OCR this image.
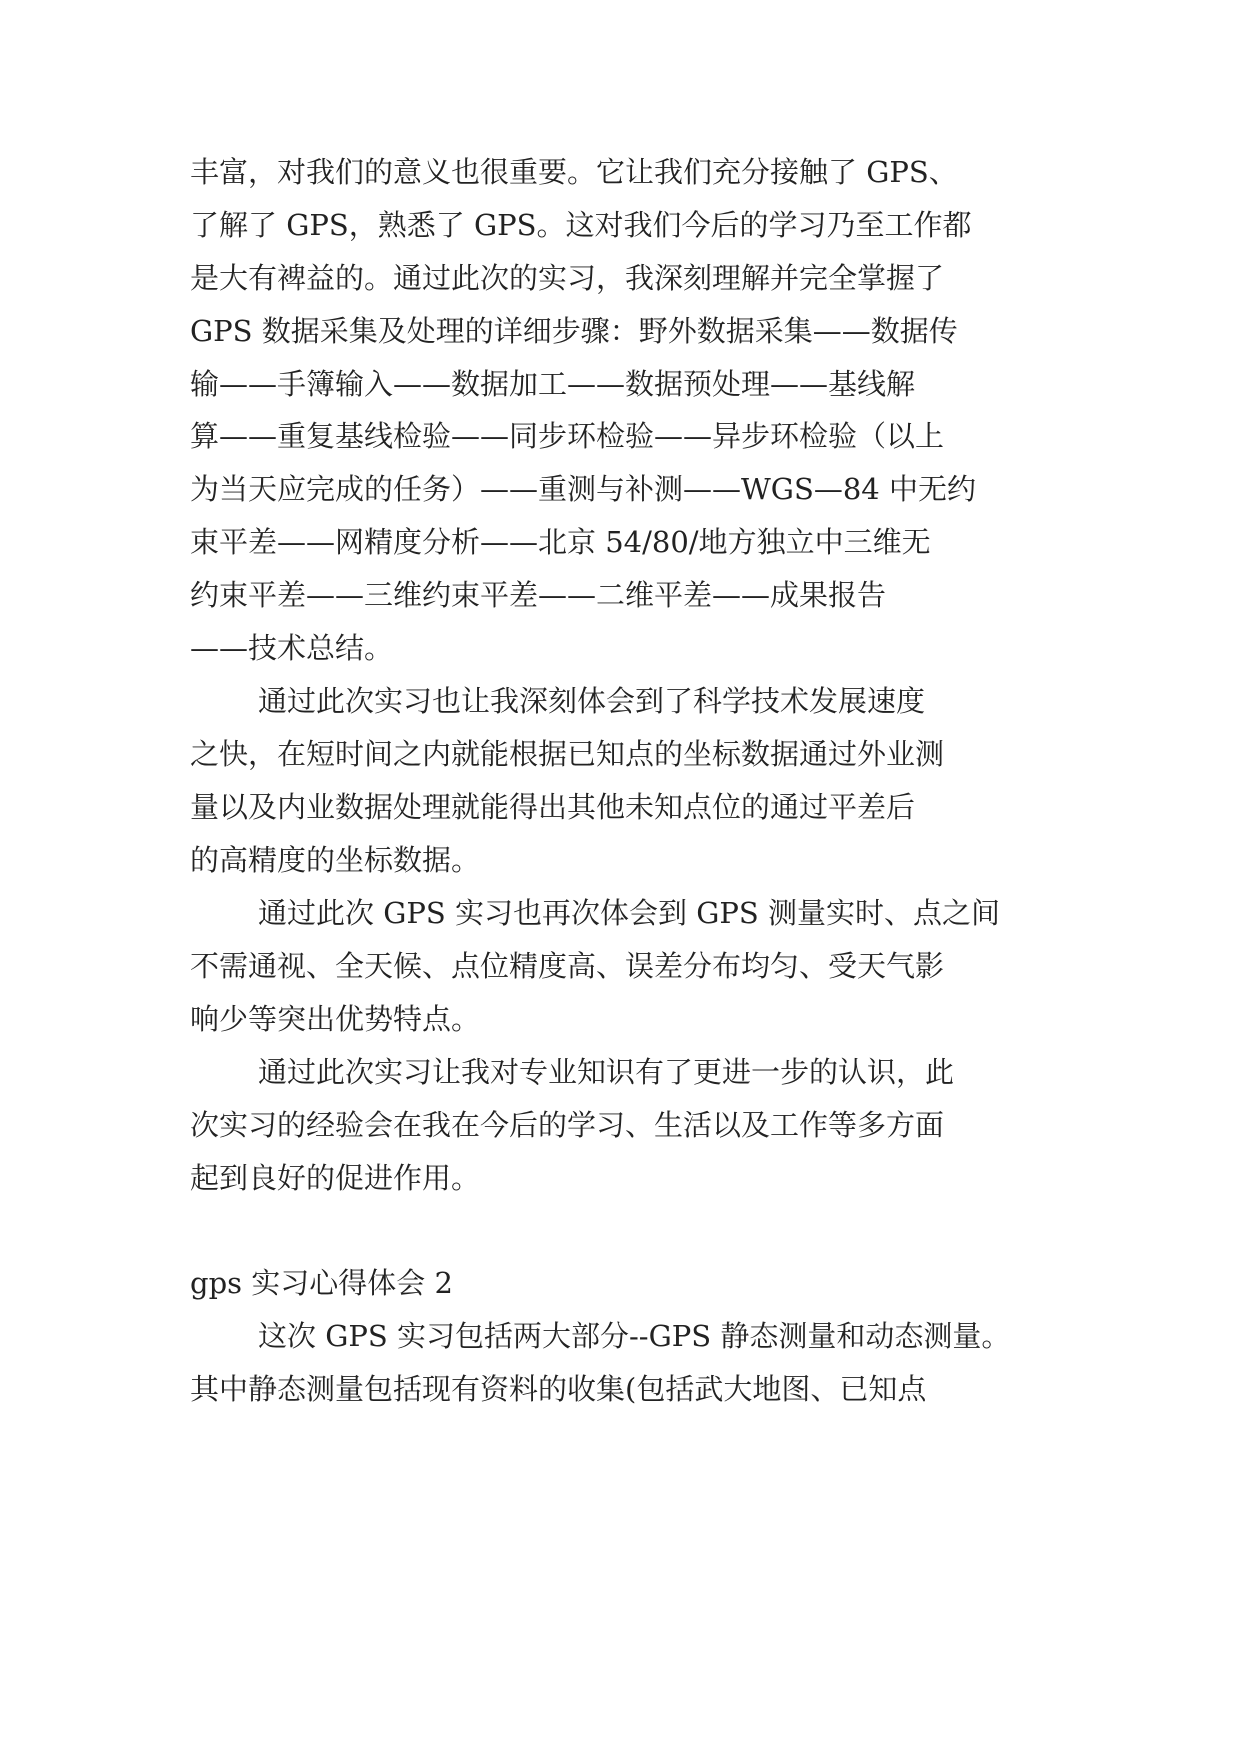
丰富，对我们的意义也很重要。它让我们充分接触了 GPS、
了解了 GPS，熟悉了 GPS。这对我们今后的学习乃至工作都
是大有裨益的。通过此次的实习，我深刻理解并完全掌握了
GPS 数据采集及处理的详细步骤：野外数据采集——数据传
输——手簿输入——数据加工——数据预处理——基线解
算——重复基线检验——同步环检验——异步环检验（以上
为当天应完成的任务）——重测与补测——WGS—84 中无约
束平差——网精度分析——北京 54/80/地方独立中三维无
约束平差——三维约束平差——二维平差——成果报告
——技术总结。
通过此次实习也让我深刻体会到了科学技术发展速度
之快，在短时间之内就能根据已知点的坐标数据通过外业测
量以及内业数据处理就能得出其他未知点位的通过平差后
的高精度的坐标数据。
通过此次 GPS 实习也再次体会到 GPS 测量实时、点之间
不需通视、全天候、点位精度高、误差分布均匀、受天气影
响少等突出优势特点。
通过此次实习让我对专业知识有了更进一步的认识，此
次实习的经验会在我在今后的学习、生活以及工作等多方面
起到良好的促进作用。
gps 实习心得体会 2
这次 GPS 实习包括两大部分--GPS 静态测量和动态测量。
其中静态测量包括现有资料的收集(包括武大地图、已知点
